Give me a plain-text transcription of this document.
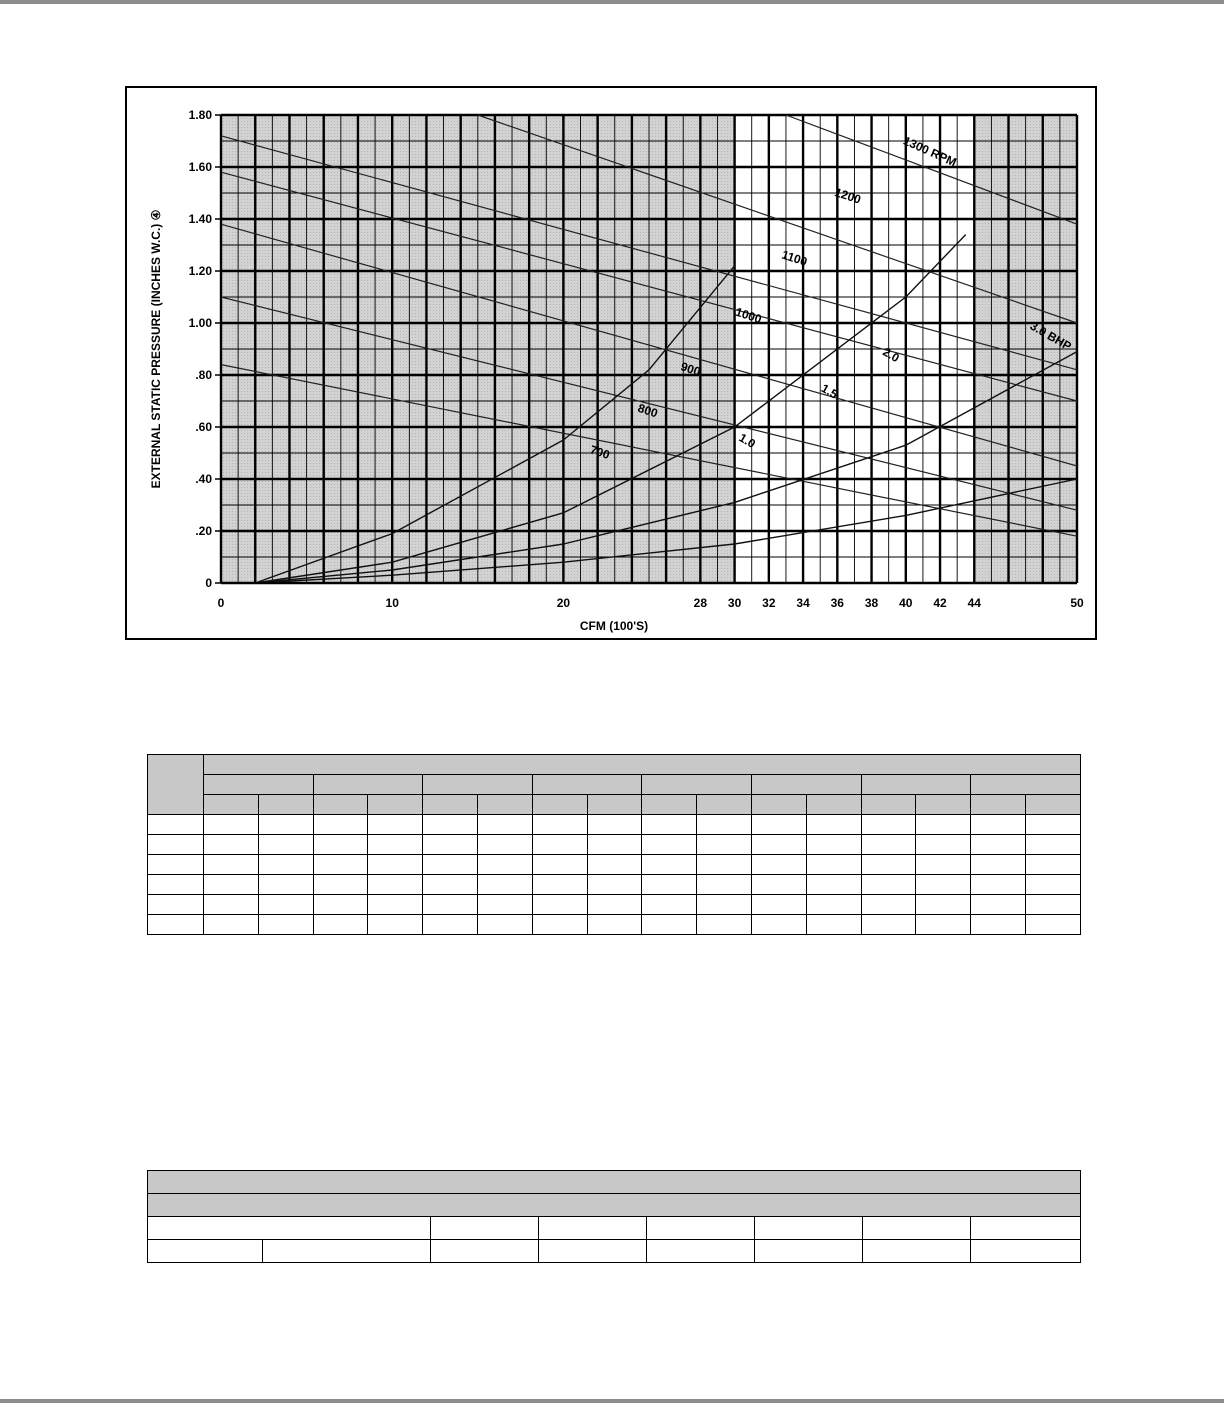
700
800
900
1000
1100
1200
1300 RPM
1.0
1.5
2.0
3.0 BHP
0
.20
.40
.60
.80
1.00
1.20
1.40
1.60
1.80
0	10	20	28 30 32 34 36 38 40 42 44	50
CFM (100'S)
EXTERNAL STATIC PRESSURE (INCHES W.C.) ④
